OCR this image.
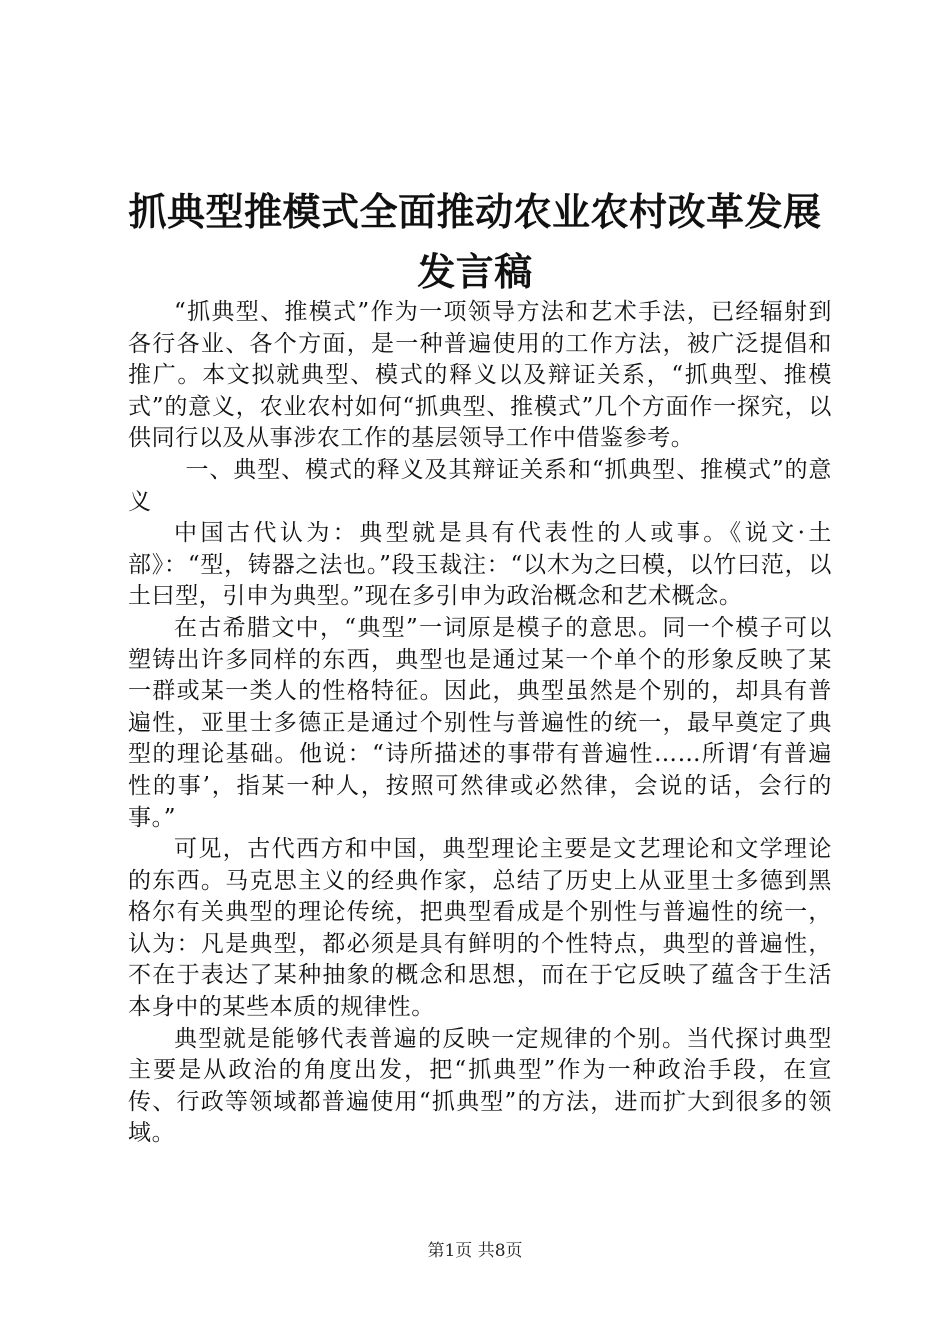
抓典型推模式全面推动农业农村改革发展发言稿

“抓典型、推模式”作为一项领导方法和艺术手法，已经辐射到各行各业、各个方面，是一种普遍使用的工作方法，被广泛提倡和推广。本文拟就典型、模式的释义以及辩证关系，“抓典型、推模式”的意义，农业农村如何“抓典型、推模式”几个方面作一探究，以供同行以及从事涉农工作的基层领导工作中借鉴参考。

一、典型、模式的释义及其辩证关系和“抓典型、推模式”的意义

中国古代认为：典型就是具有代表性的人或事。《说文·土部》：“型，铸器之法也。”段玉裁注：“以木为之曰模，以竹曰范，以土曰型，引申为典型。”现在多引申为政治概念和艺术概念。

在古希腊文中，“典型”一词原是模子的意思。同一个模子可以塑铸出许多同样的东西，典型也是通过某一个单个的形象反映了某一群或某一类人的性格特征。因此，典型虽然是个别的，却具有普遍性，亚里士多德正是通过个别性与普遍性的统一，最早奠定了典型的理论基础。他说：“诗所描述的事带有普遍性……所谓‘有普遍性的事’，指某一种人，按照可然律或必然律，会说的话，会行的事。”

可见，古代西方和中国，典型理论主要是文艺理论和文学理论的东西。马克思主义的经典作家，总结了历史上从亚里士多德到黑格尔有关典型的理论传统，把典型看成是个别性与普遍性的统一，认为：凡是典型，都必须是具有鲜明的个性特点，典型的普遍性，不在于表达了某种抽象的概念和思想，而在于它反映了蕴含于生活本身中的某些本质的规律性。

典型就是能够代表普遍的反映一定规律的个别。当代探讨典型主要是从政治的角度出发，把“抓典型”作为一种政治手段，在宣传、行政等领域都普遍使用“抓典型”的方法，进而扩大到很多的领域。

第1页 共8页
